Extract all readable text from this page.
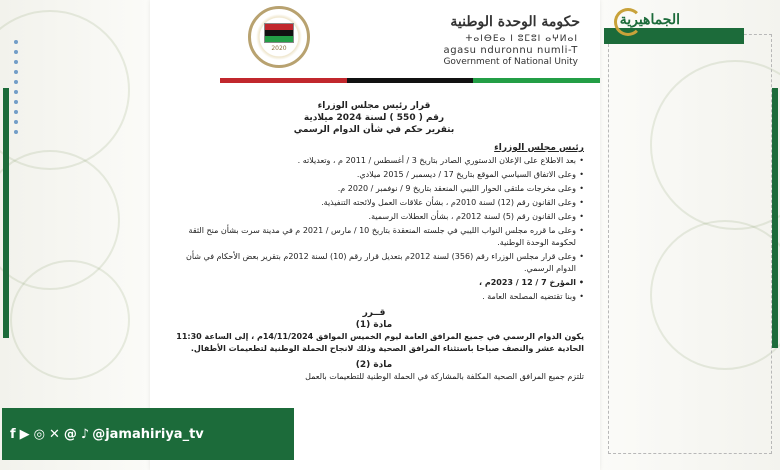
الجماهيرية
2020
حكومة الوحدة الوطنية
ⵜⴰⵏⴱⴹⴰ ⵏ ⵓⵎⵓⵏ ⴰⵖⵍⴰⵏ
agasu nduronnu numli-T
Government of National Unity
قرار رئيس مجلس الوزراء
رقم ( 550 ) لسنة 2024 ميلادية
بتقرير حكم في شأن الدوام الرسمي
رئيس مجلس الوزراء
• بعد الاطلاع على الإعلان الدستوري الصادر بتاريخ 3 / أغسطس / 2011 م ، وتعديلاته .
• وعلى الاتفاق السياسي الموقع بتاريخ 17 / ديسمبر / 2015 ميلادي.
• وعلى مخرجات ملتقى الحوار الليبي المنعقد بتاريخ 9 / نوفمبر / 2020 م.
• وعلى القانون رقم (12) لسنة 2010م ، بشأن علاقات العمل ولائحته التنفيذية.
• وعلى القانون رقم (5) لسنة 2012م ، بشأن العطلات الرسمية.
• وعلى ما قرره مجلس النواب الليبي في جلسته المنعقدة بتاريخ 10 / مارس / 2021 م في مدينة سرت بشأن منح الثقة لحكومة الوحدة الوطنية.
• وعلى قرار مجلس الوزراء رقم (356) لسنة 2012م بتعديل قرار رقم (10) لسنة 2012م بتقرير بعض الأحكام في شأن الدوام الرسمي.
• المؤرخ 7 / 12 / 2023م ،
• وبنا تقتضيه المصلحة العامة .
قــرر
مادة (1)
يكون الدوام الرسمي في جميع المرافق العامة ليوم الخميس الموافق 14/11/2024م ، إلى الساعة 11:30 الحادية عشر والنصف صباحا باستثناء المرافق الصحية وذلك لانجاح الحملة الوطنية لتطعيمات الأطفال.
مادة (2)
تلتزم جميع المرافق الصحية المكلفة بالمشاركة في الحملة الوطنية للتطعيمات بالعمل
f ▶ ◎ ✕ @ ♪ @jamahiriya_tv
